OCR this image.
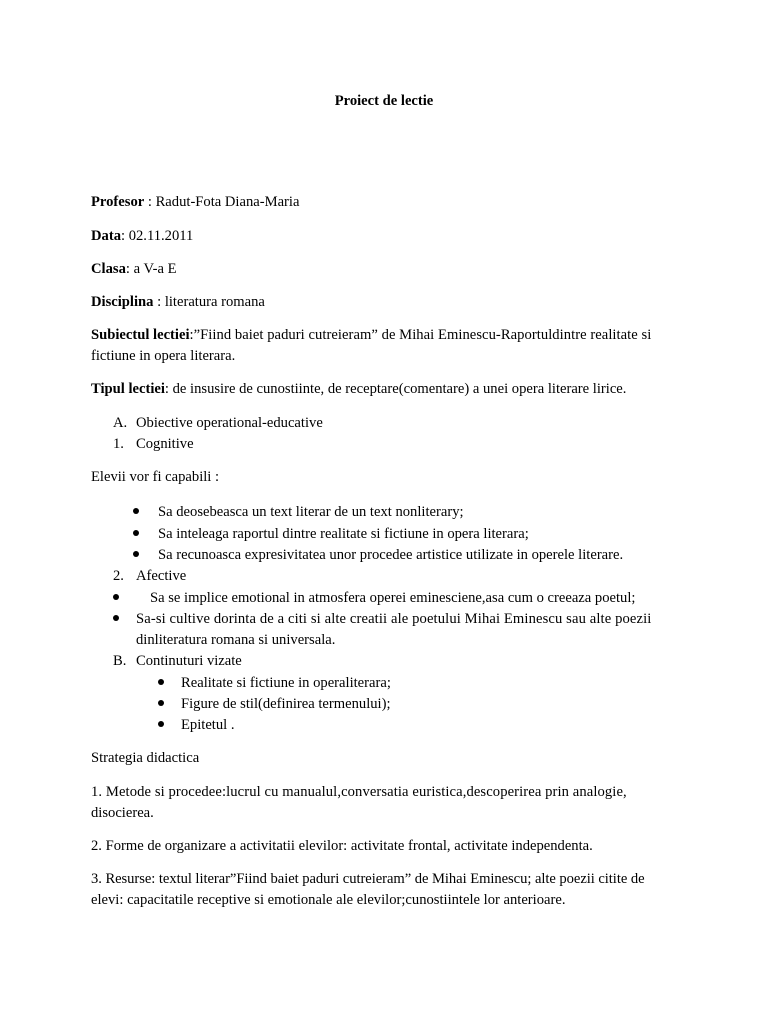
Proiect de lectie
Profesor : Radut-Fota Diana-Maria
Data: 02.11.2011
Clasa: a V-a E
Disciplina : literatura romana
Subiectul lectiei:”Fiind baiet paduri cutreieram” de Mihai Eminescu-Raportuldintre realitate si
fictiune in opera literara.
Tipul lectiei: de insusire de cunostiinte, de receptare(comentare) a unei opera literare lirice.
A. Obiective operational-educative
1. Cognitive
Elevii vor fi capabili :
Sa deosebeasca un text literar de un text nonliterary;
Sa inteleaga raportul dintre realitate si fictiune in opera literara;
Sa recunoasca expresivitatea unor procedee artistice utilizate in operele literare.
2. Afective
Sa se implice emotional in atmosfera operei eminesciene,asa cum o creeaza poetul;
Sa-si cultive dorinta de a citi si alte creatii ale poetului Mihai Eminescu sau alte poezii
dinliteratura romana si universala.
B. Continuturi vizate
Realitate si fictiune in operaliterara;
Figure de stil(definirea termenului);
Epitetul .
Strategia didactica
1. Metode si procedee:lucrul cu manualul,conversatia euristica,descoperirea prin analogie,
disocierea.
2. Forme de organizare a activitatii elevilor: activitate frontal, activitate independenta.
3. Resurse: textul literar”Fiind baiet paduri cutreieram” de Mihai Eminescu; alte poezii citite de
elevi: capacitatile receptive si emotionale ale elevilor;cunostiintele lor anterioare.
